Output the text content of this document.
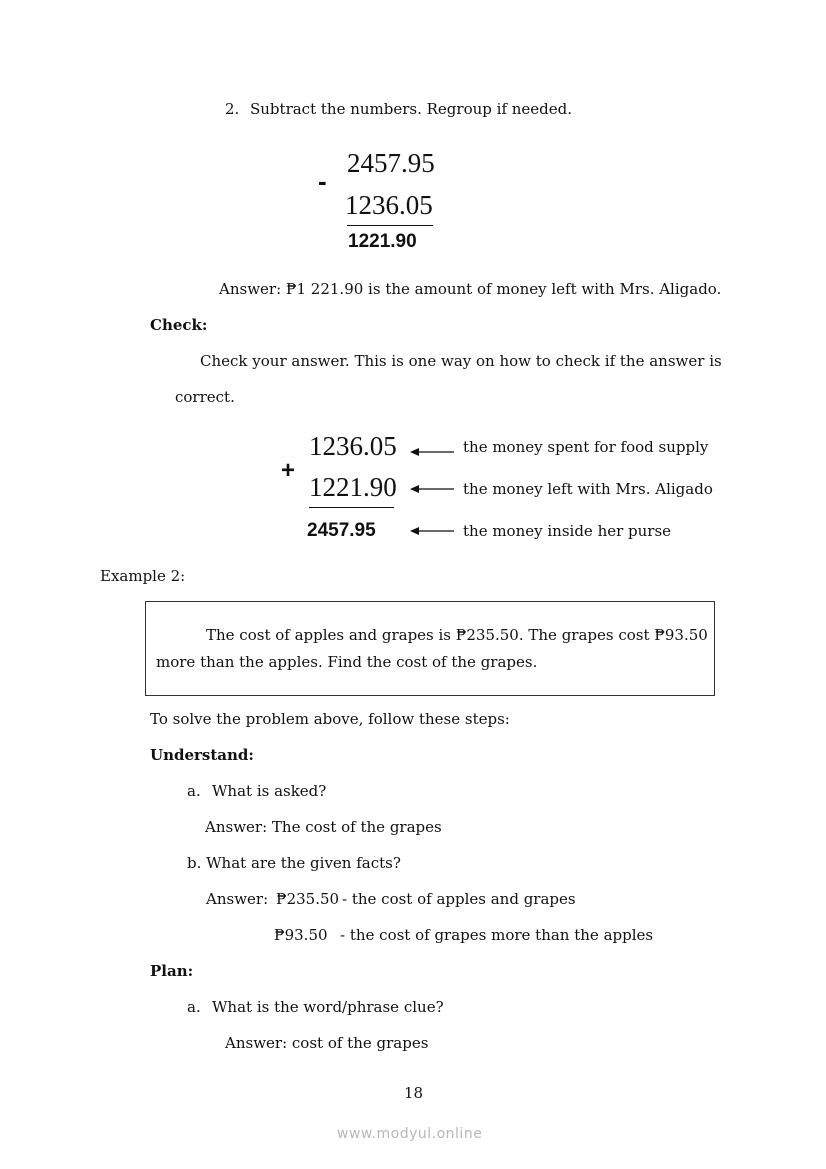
2. Subtract the numbers. Regroup if needed.
2457.95
-
1236.05
1221.90
Answer: ₱1 221.90 is the amount of money left with Mrs. Aligado.
Check:
Check your answer. This is one way on how to check if the answer is
correct.
1236.05
+
1221.90
2457.95
the money spent for food supply
the money left with Mrs. Aligado
the money inside her purse
Example 2:
The cost of apples and grapes is ₱235.50. The grapes cost ₱93.50
more than the apples. Find the cost of the grapes.
To solve the problem above, follow these steps:
Understand:
a. What is asked?
Answer: The cost of the grapes
b. What are the given facts?
Answer: ₱235.50 - the cost of apples and grapes
₱93.50 - the cost of grapes more than the apples
Plan:
a. What is the word/phrase clue?
Answer: cost of the grapes
18
www.modyul.online
